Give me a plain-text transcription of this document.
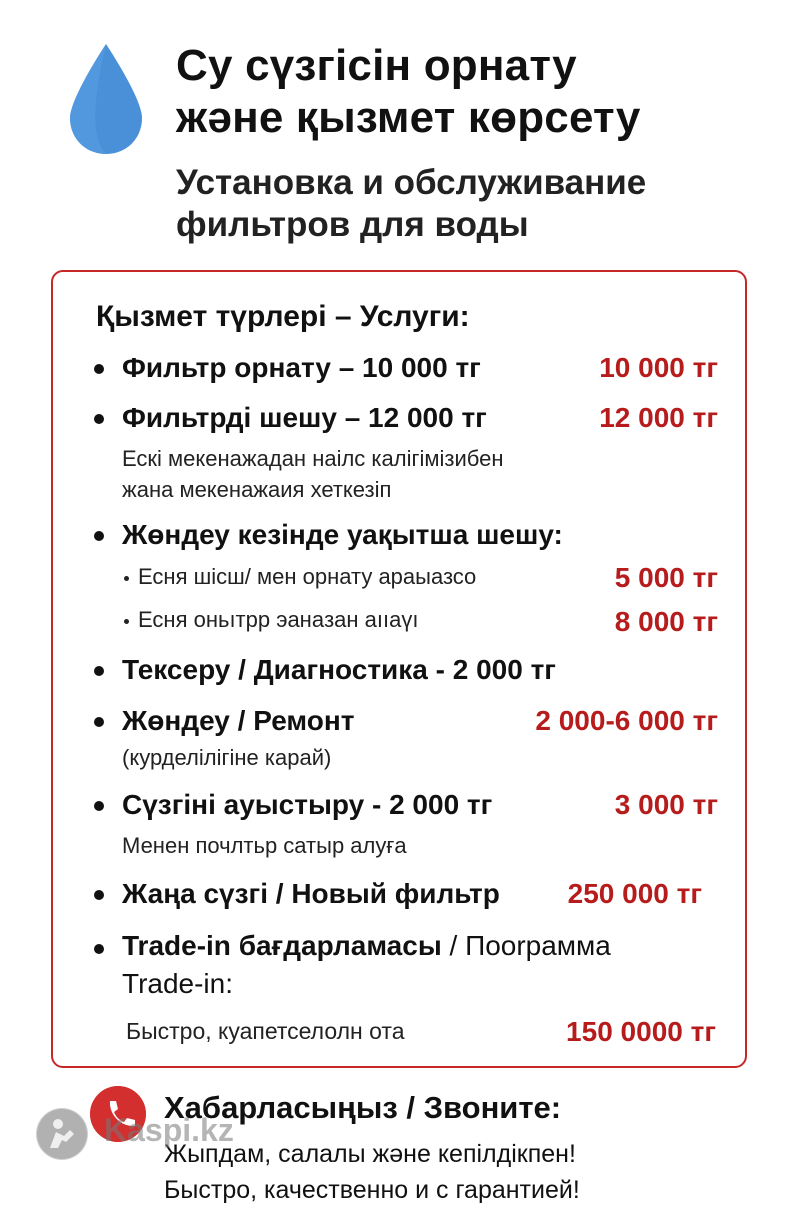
Су сүзгісін орнату
және қызмет көрсету
Установка и обслуживание
фильтров для воды
Қызмет түрлері – Услуги:
Фильтр орнату – 10 000 тг	10 000 тг
Фильтрді шешу – 12 000 тг	12 000 тг
Ескі мекенажадан наілс калігімізибен
жана мекенажаия хеткезіп
Жөндеу кезінде уақытша шешу:
Есня шісш/ мен орнату араыазсо	5 000 тг
Есня оньıтрр эанaзан аııаүı	8 000 тг
Тексеру / Диагностика - 2 000 тг
Жөндеу / Ремонт	2 000-6 000 тг
(курделілігіне карай)
Сүзгіні ауыстыру - 2 000 тг	3 000 тг
Менен почлтьр сатыр алуға
Жаңа сүзгі / Новый фильтр 250 000 тг
Trade-in бағдарламасы / Пооrрамма
Trade-in:
Быстро, куапетселолн ота	150 0000 тг
Хабарласыңыз / Звоните:
Жыпдам, салалы және кепілдікпен!
Быстро, качественно и с гарантией!
Kaspi.kz
